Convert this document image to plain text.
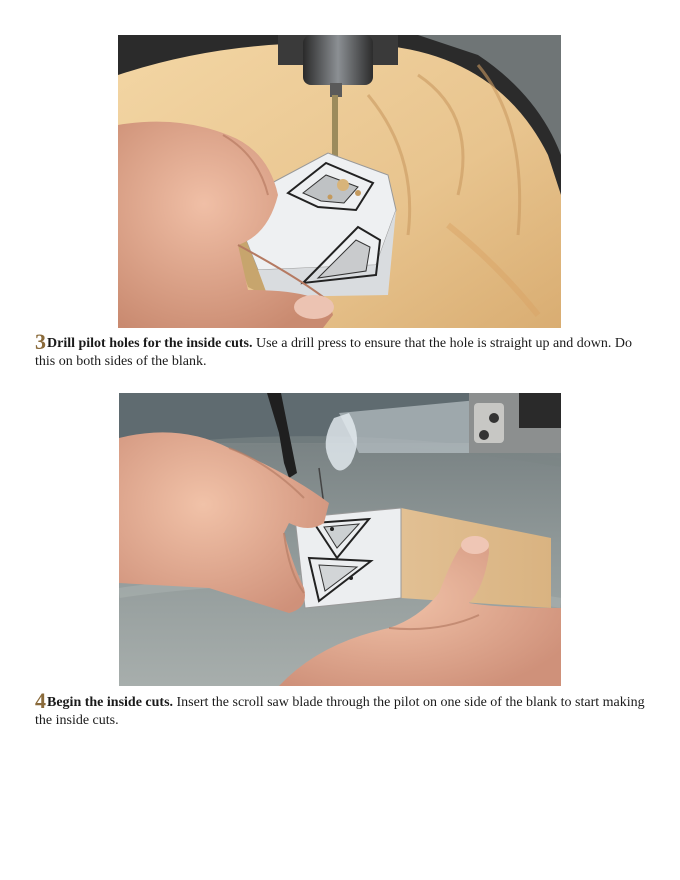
3Drill pilot holes for the inside cuts. Use a drill press to ensure that the hole is straight up and down. Do this on both sides of the blank.
4Begin the inside cuts. Insert the scroll saw blade through the pilot on one side of the blank to start making the inside cuts.
